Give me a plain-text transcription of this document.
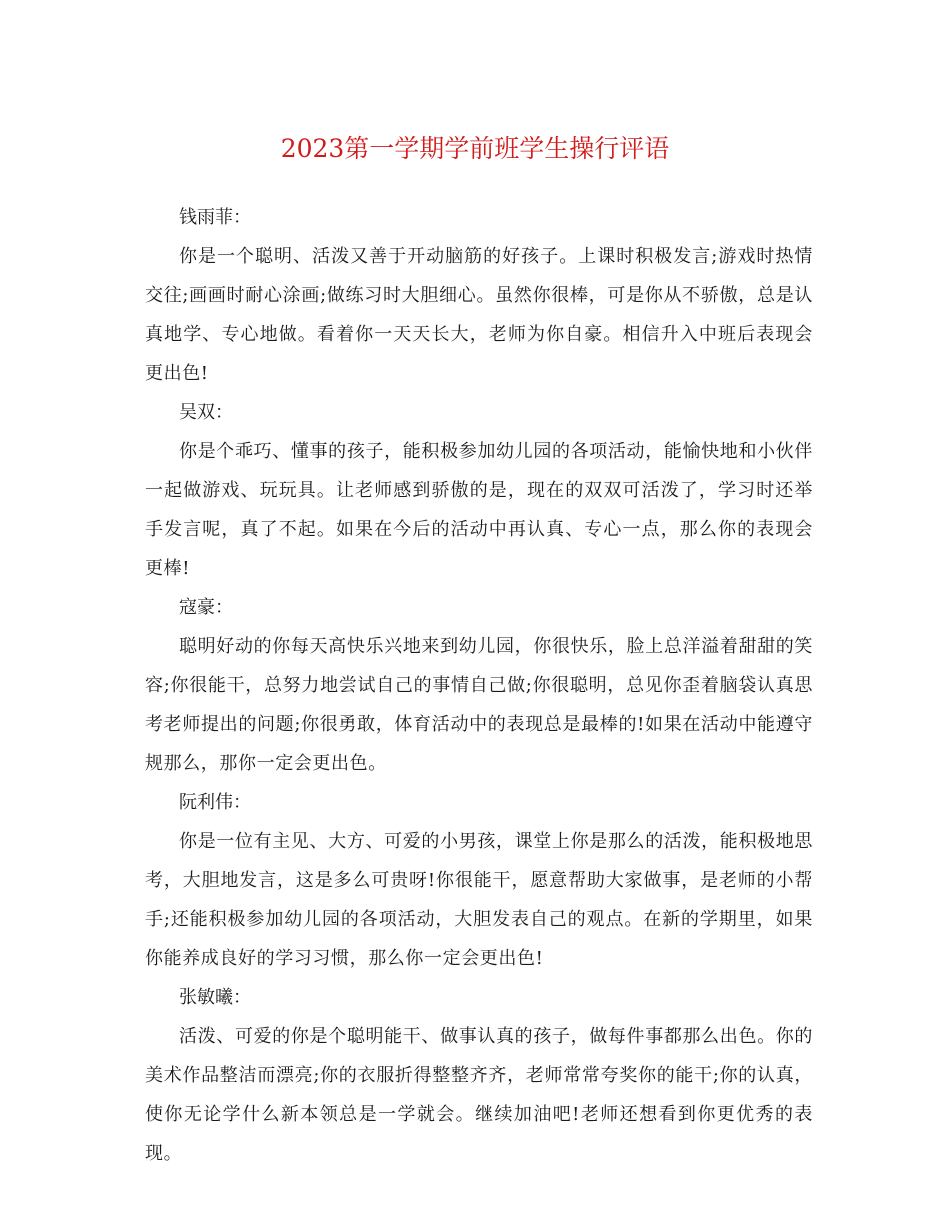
2023第一学期学前班学生操行评语

钱雨菲：

你是一个聪明、活泼又善于开动脑筋的好孩子。上课时积极发言;游戏时热情交往;画画时耐心涂画;做练习时大胆细心。虽然你很棒，可是你从不骄傲，总是认真地学、专心地做。看着你一天天长大，老师为你自豪。相信升入中班后表现会更出色!

吴双：

你是个乖巧、懂事的孩子，能积极参加幼儿园的各项活动，能愉快地和小伙伴一起做游戏、玩玩具。让老师感到骄傲的是，现在的双双可活泼了，学习时还举手发言呢，真了不起。如果在今后的活动中再认真、专心一点，那么你的表现会更棒!

寇豪：

聪明好动的你每天高快乐兴地来到幼儿园，你很快乐，脸上总洋溢着甜甜的笑容;你很能干，总努力地尝试自己的事情自己做;你很聪明，总见你歪着脑袋认真思考老师提出的问题;你很勇敢，体育活动中的表现总是最棒的!如果在活动中能遵守规那么，那你一定会更出色。

阮利伟：

你是一位有主见、大方、可爱的小男孩，课堂上你是那么的活泼，能积极地思考，大胆地发言，这是多么可贵呀!你很能干，愿意帮助大家做事，是老师的小帮手;还能积极参加幼儿园的各项活动，大胆发表自己的观点。在新的学期里，如果你能养成良好的学习习惯，那么你一定会更出色!

张敏曦：

活泼、可爱的你是个聪明能干、做事认真的孩子，做每件事都那么出色。你的美术作品整洁而漂亮;你的衣服折得整整齐齐，老师常常夸奖你的能干;你的认真，使你无论学什么新本领总是一学就会。继续加油吧!老师还想看到你更优秀的表现。
